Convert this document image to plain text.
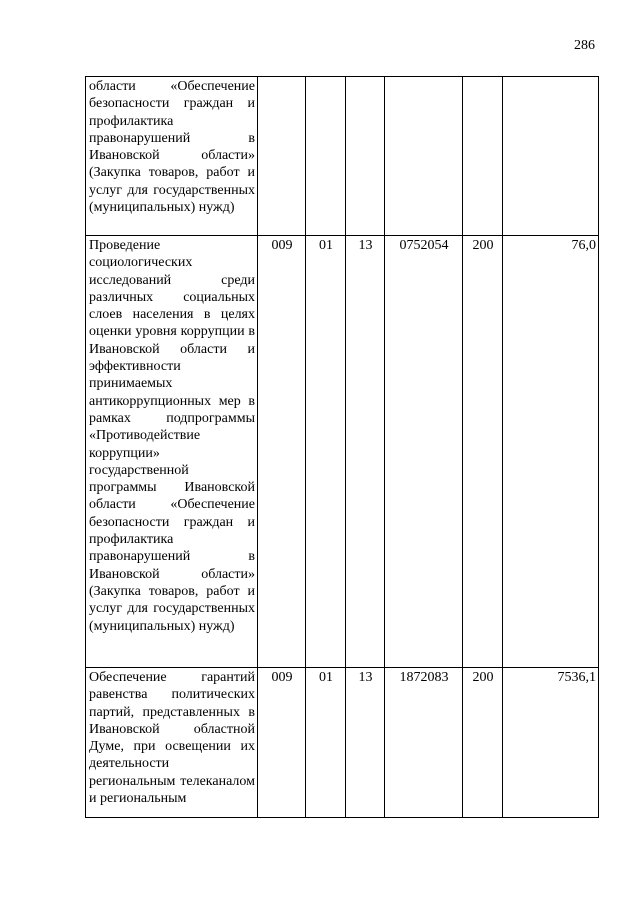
286
области «Обеспечение безопасности граждан и профилактика правонарушений в Ивановской области» (Закупка товаров, работ и услуг для государственных (муниципальных) нужд)						
Проведение социологических исследований среди различных социальных слоев населения в целях оценки уровня коррупции в Ивановской области и эффективности принимаемых антикоррупционных мер в рамках подпрограммы «Противодействие коррупции» государственной программы Ивановской области «Обеспечение безопасности граждан и профилактика правонарушений в Ивановской области» (Закупка товаров, работ и услуг для государственных (муниципальных) нужд)	009	01	13	0752054	200	76,0
Обеспечение гарантий равенства политических партий, представленных в Ивановской областной Думе, при освещении их деятельности региональным телеканалом и региональным	009	01	13	1872083	200	7536,1
